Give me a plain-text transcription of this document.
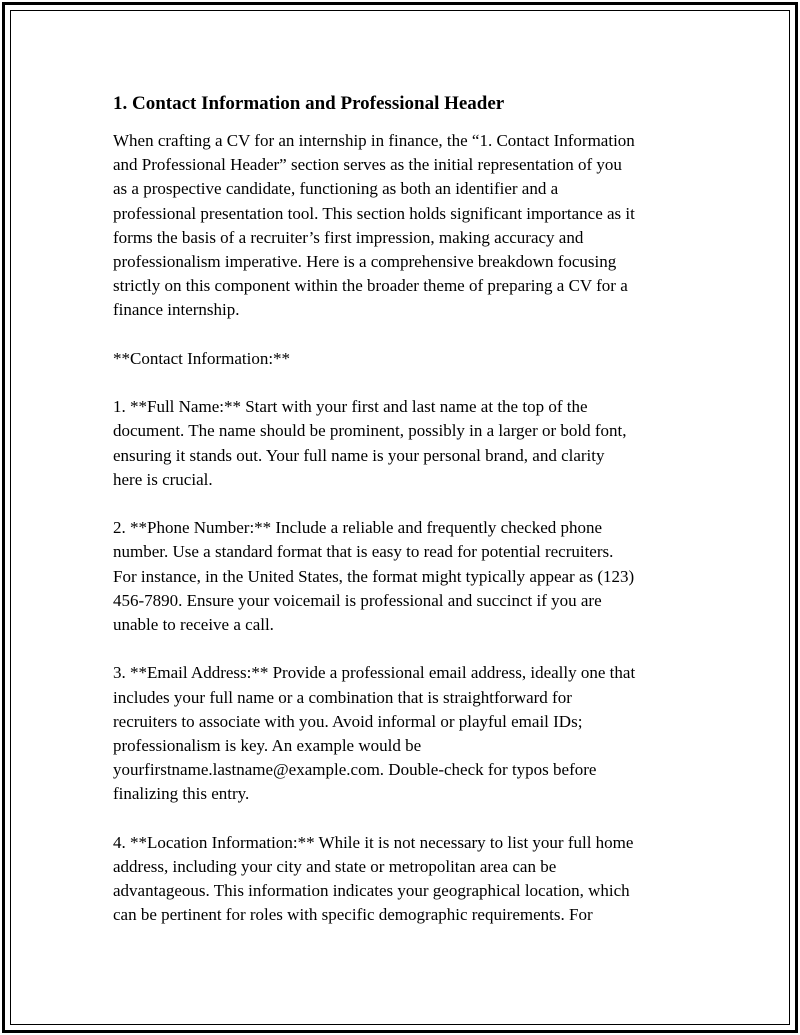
1. Contact Information and Professional Header
When crafting a CV for an internship in finance, the “1. Contact Information
and Professional Header” section serves as the initial representation of you
as a prospective candidate, functioning as both an identifier and a
professional presentation tool. This section holds significant importance as it
forms the basis of a recruiter’s first impression, making accuracy and
professionalism imperative. Here is a comprehensive breakdown focusing
strictly on this component within the broader theme of preparing a CV for a
finance internship.
**Contact Information:**
1. **Full Name:** Start with your first and last name at the top of the
document. The name should be prominent, possibly in a larger or bold font,
ensuring it stands out. Your full name is your personal brand, and clarity
here is crucial.
2. **Phone Number:** Include a reliable and frequently checked phone
number. Use a standard format that is easy to read for potential recruiters.
For instance, in the United States, the format might typically appear as (123)
456-7890. Ensure your voicemail is professional and succinct if you are
unable to receive a call.
3. **Email Address:** Provide a professional email address, ideally one that
includes your full name or a combination that is straightforward for
recruiters to associate with you. Avoid informal or playful email IDs;
professionalism is key. An example would be
yourfirstname.lastname@example.com. Double-check for typos before
finalizing this entry.
4. **Location Information:** While it is not necessary to list your full home
address, including your city and state or metropolitan area can be
advantageous. This information indicates your geographical location, which
can be pertinent for roles with specific demographic requirements. For
